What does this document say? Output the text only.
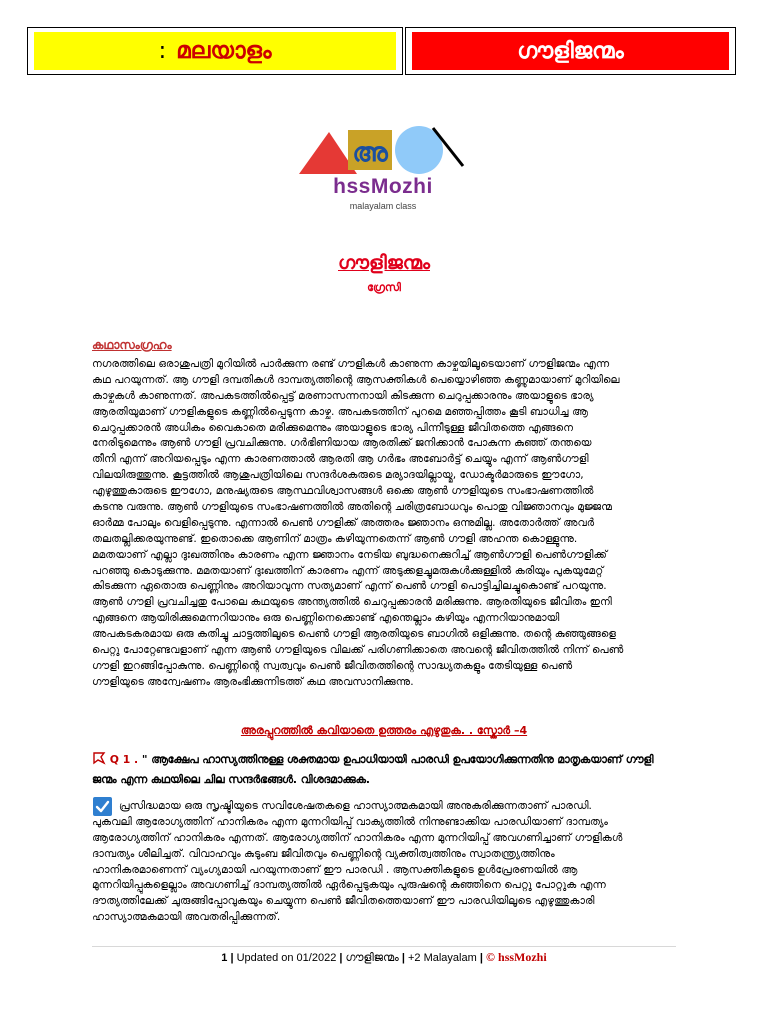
: മലയാളം	ഗൗളിജന്മം
അ
hssMozhi
malayalam class
ഗൗളിജന്മം
ഗ്രേസി
കഥാസംഗ്രഹം
നഗരത്തിലെ ഒരാശുപത്രി മുറിയിൽ പാർക്കുന്ന രണ്ട് ഗൗളികൾ കാണുന്ന കാഴ്ചയിലൂടെയാണ് ഗൗളിജന്മം എന്ന
കഥ പറയുന്നത്. ആ ഗൗളി ദമ്പതികൾ ദാമ്പത്യത്തിന്റെ ആസക്തികൾ പെയ്യൊഴിഞ്ഞ കണ്ണുമായാണ് മുറിയിലെ
കാഴ്ചകൾ കാണുന്നത്. അപകടത്തിൽപ്പെട്ട് മരണാസന്നനായി കിടക്കുന്ന ചെറുപ്പക്കാരനും അയാളുടെ ഭാര്യ
ആരതിയുമാണ് ഗൗളികളുടെ കണ്ണിൽപ്പെടുന്ന കാഴ്ച. അപകടത്തിന് പുറമെ മഞ്ഞപ്പിത്തം കൂടി ബാധിച്ച ആ
ചെറുപ്പക്കാരൻ അധികം വൈകാതെ മരിക്കുമെന്നും അയാളുടെ ഭാര്യ പിന്നീടുള്ള ജീവിതത്തെ എങ്ങനെ
നേരിടുമെന്നും ആൺ ഗൗളി പ്രവചിക്കുന്നു. ഗർഭിണിയായ ആരതിക്ക് ജനിക്കാൻ പോകുന്ന കുഞ്ഞ് തന്തയെ
തീനി എന്ന് അറിയപ്പെടും എന്ന കാരണത്താൽ ആരതി ആ ഗർഭം അബോർട്ട് ചെയ്യും എന്ന് ആൺഗൗളി
വിലയിരുത്തുന്നു. കൂട്ടത്തിൽ ആശുപത്രിയിലെ സന്ദർശകരുടെ മര്യാദയില്ലായ്മ, ഡോക്ടർമാരുടെ ഈഗോ,
എഴുത്തുകാരുടെ ഈഗോ, മനുഷ്യരുടെ ആസ്ഥവിശ്വാസങ്ങൾ ഒക്കെ ആൺ ഗൗളിയുടെ സംഭാഷണത്തിൽ
കടന്നു വരുന്നു. ആൺ ഗൗളിയുടെ സംഭാഷണത്തിൽ അതിന്റെ ചരിത്രബോധവും പൊതു വിജ്ഞാനവും മുജ്ജന്മ
ഓർമ്മ പോലും വെളിപ്പെടുന്നു. എന്നാൽ പെൺ ഗൗളിക്ക് അത്തരം ജ്ഞാനം ഒന്നുമില്ല. അതോർത്ത് അവർ
തലതല്ലിക്കരയുന്നുണ്ട്. ഇതൊക്കെ ആണിന് മാത്രം കഴിയുന്നതെന്ന് ആൺ ഗൗളി അഹന്ത കൊള്ളുന്നു.
മമതയാണ് എല്ലാ ദുഃഖത്തിനും കാരണം എന്ന ജ്ഞാനം നേടിയ ബുദ്ധനെക്കുറിച്ച് ആൺഗൗളി പെൺഗൗളിക്ക്
പറഞ്ഞു കൊടുക്കുന്നു. മമതയാണ് ദുഃഖത്തിന് കാരണം എന്ന് അടുക്കളച്ചുമരുകൾക്കുള്ളിൽ കരിയും പുകയുമേറ്റ്
കിടക്കുന്ന ഏതൊരു പെണ്ണിനും അറിയാവുന്ന സത്യമാണ് എന്ന് പെൺ ഗൗളി പൊട്ടിച്ചിലച്ചുകൊണ്ട് പറയുന്നു.
ആൺ ഗൗളി പ്രവചിച്ചതു പോലെ കഥയുടെ അന്ത്യത്തിൽ ചെറുപ്പക്കാരൻ മരിക്കുന്നു. ആരതിയുടെ ജീവിതം ഇനി
എങ്ങനെ ആയിരിക്കുമെന്നറിയാനും ഒരു പെണ്ണിനെക്കൊണ്ട് എന്തെല്ലാം കഴിയും എന്നറിയാനുമായി
അപകടകരമായ ഒരു കതിച്ചു ചാട്ടത്തിലൂടെ പെൺ ഗൗളി ആരതിയുടെ ബാഗിൽ ഒളിക്കുന്നു. തന്റെ കുഞ്ഞുങ്ങളെ
പെറ്റു പോറ്റേണ്ടവളാണ് എന്ന ആൺ ഗൗളിയുടെ വിലക്ക് പരിഗണിക്കാതെ അവന്റെ ജീവിതത്തിൽ നിന്ന് പെൺ
ഗൗളി ഇറങ്ങിപ്പോകുന്നു. പെണ്ണിന്റെ സ്വത്വവും പെൺ ജീവിതത്തിന്റെ സാദ്ധ്യതകളും തേടിയുള്ള പെൺ
ഗൗളിയുടെ അന്വേഷണം ആരംഭിക്കുന്നിടത്ത് കഥ അവസാനിക്കുന്നു.
അരപ്പുറത്തിൽ കവിയാതെ ഉത്തരം എഴുതുക. . സ്കോർ –4
Q 1 . " ആക്ഷേപ ഹാസ്യത്തിനുള്ള ശക്തമായ ഉപാധിയായി പാരഡി ഉപയോഗിക്കുന്നതിനു മാതൃകയാണ് ഗൗളി
ജന്മം എന്ന കഥയിലെ ചില സന്ദർഭങ്ങൾ. വിശദമാക്കുക.
പ്രസിദ്ധമായ ഒരു സൃഷ്ടിയുടെ സവിശേഷതകളെ ഹാസ്യാത്മകമായി അനുകരിക്കുന്നതാണ് പാരഡി.
പുകവലി ആരോഗ്യത്തിന് ഹാനികരം എന്ന മുന്നറിയിപ്പ് വാക്യത്തിൽ നിന്നുണ്ടാക്കിയ പാരഡിയാണ് ദാമ്പത്യം
ആരോഗ്യത്തിന് ഹാനികരം എന്നത്. ആരോഗ്യത്തിന് ഹാനികരം എന്ന മുന്നറിയിപ്പ് അവഗണിച്ചാണ് ഗൗളികൾ
ദാമ്പത്യം ശീലിച്ചത്. വിവാഹവും കുടുംബ ജീവിതവും പെണ്ണിന്റെ വ്യക്തിത്വത്തിനും സ്വാതന്ത്ര്യത്തിനും
ഹാനികരമാണെന്ന് വ്യംഗ്യമായി പറയുന്നതാണ് ഈ പാരഡി . ആസക്തികളുടെ ഉൾപ്രേരണയിൽ ആ
മുന്നറിയിപ്പുകളെല്ലാം അവഗണിച്ച് ദാമ്പത്യത്തിൽ ഏർപ്പെടുകയും പുരുഷന്റെ കുഞ്ഞിനെ പെറ്റു പോറ്റുക എന്ന
ദൗത്യത്തിലേക്ക് ചുരുങ്ങിപ്പോവുകയും ചെയ്യുന്ന പെൺ ജീവിതത്തെയാണ് ഈ പാരഡിയിലൂടെ എഴുത്തുകാരി
ഹാസ്യാത്മകമായി അവതരിപ്പിക്കുന്നത്.
1 | Updated on 01/2022 | ഗൗളിജന്മം | +2 Malayalam | © hssMozhi
